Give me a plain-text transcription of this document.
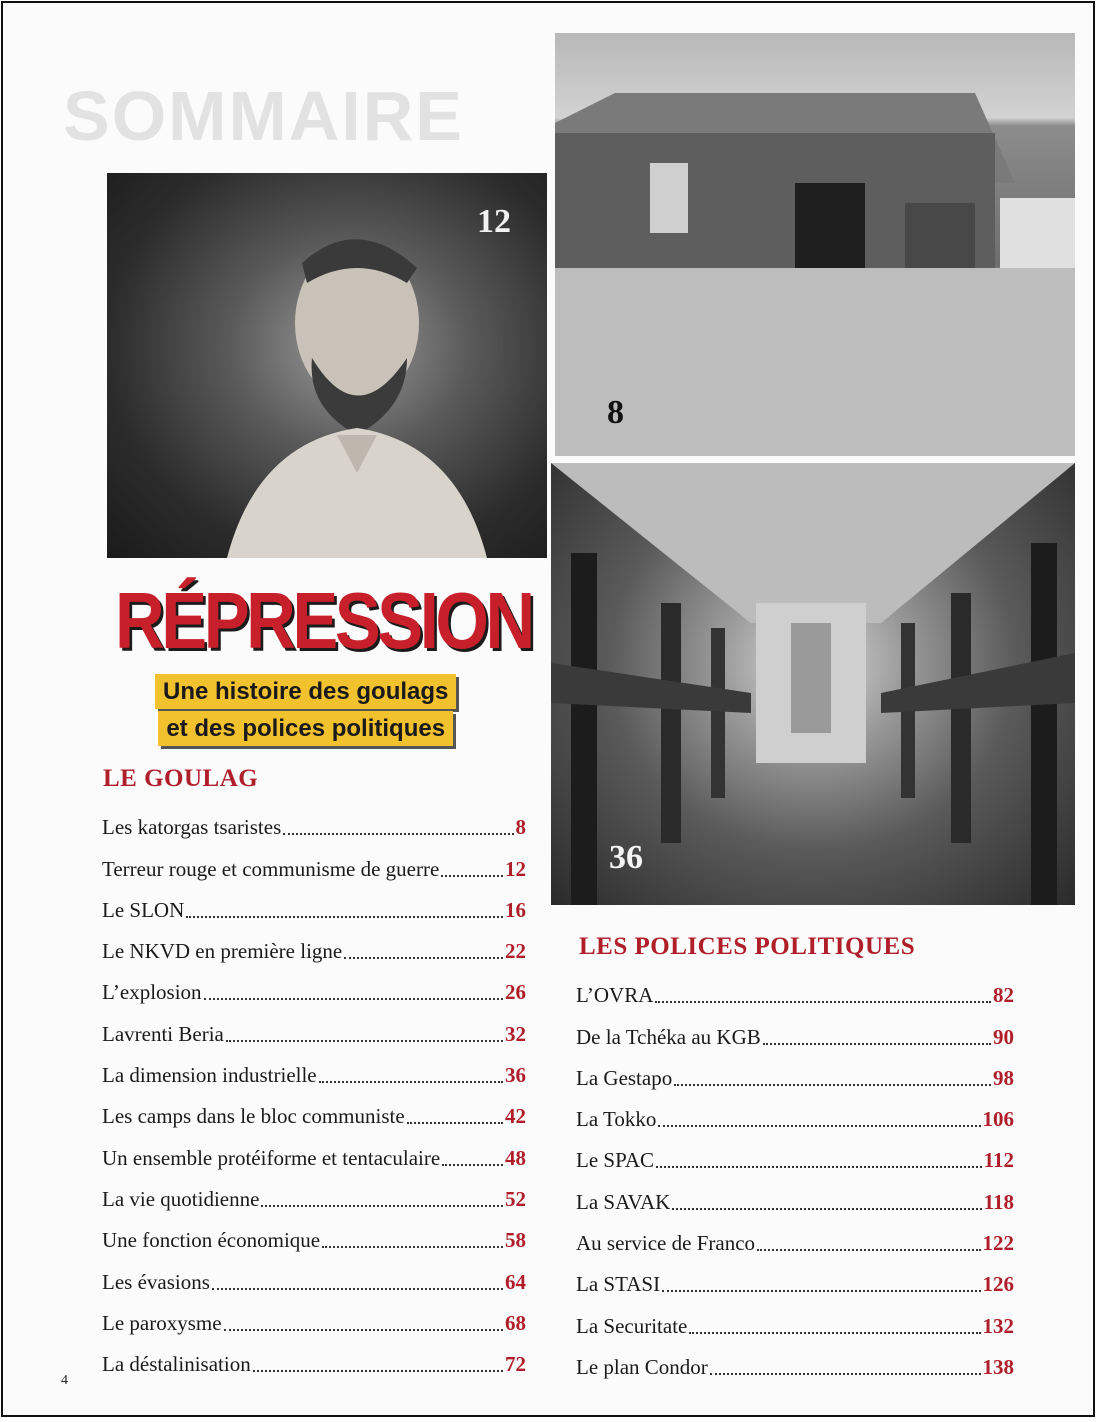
SOMMAIRE
12
8
36
RÉPRESSION
Une histoire des goulags
et des polices politiques
LE GOULAG
Les katorgas tsaristes	8
Terreur rouge et communisme de guerre	12
Le SLON	16
Le NKVD en première ligne	22
L’explosion	26
Lavrenti Beria	32
La dimension industrielle	36
Les camps dans le bloc communiste	42
Un ensemble protéiforme et tentaculaire	48
La vie quotidienne	52
Une fonction économique	58
Les évasions	64
Le paroxysme	68
La déstalinisation	72
LES POLICES POLITIQUES
L’OVRA	82
De la Tchéka au KGB	90
La Gestapo	98
La Tokko	106
Le SPAC	112
La SAVAK	118
Au service de Franco	122
La STASI	126
La Securitate	132
Le plan Condor	138
4
